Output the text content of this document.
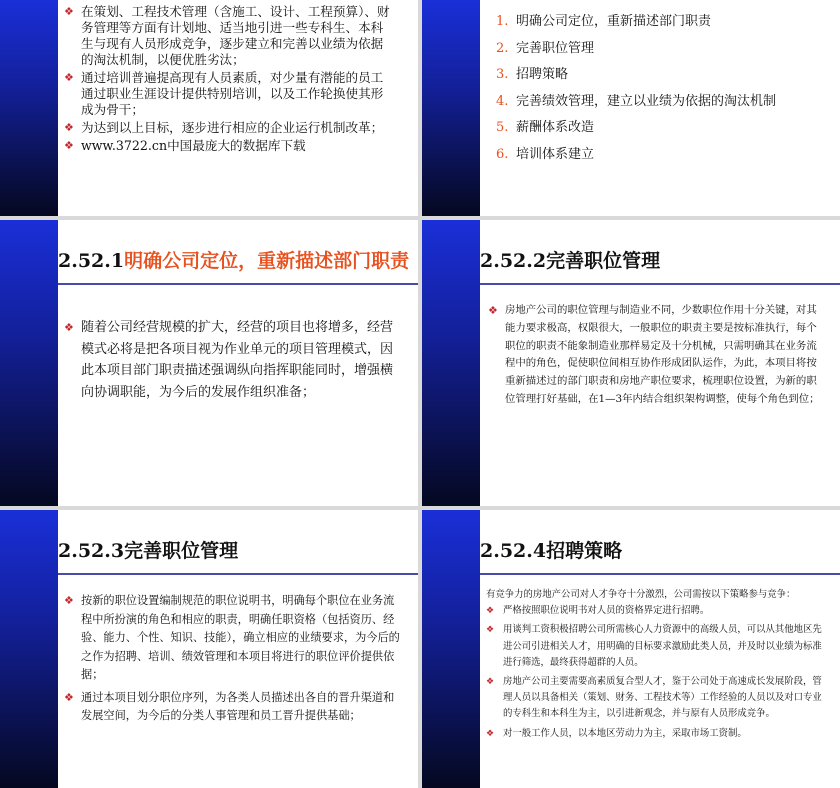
❖ 在策划、工程技术管理（含施工、设计、工程预算）、财务管理等方面有计划地、适当地引进一些专科生、本科生与现有人员形成竞争，逐步建立和完善以业绩为依据的淘汰机制，以便优胜劣汰；
❖ 通过培训普遍提高现有人员素质，对少量有潜能的员工通过职业生涯设计提供特别培训，以及工作轮换使其形成为骨干；
❖ 为达到以上目标，逐步进行相应的企业运行机制改革；
❖ www.3722.cn中国最庞大的数据库下载
1. 明确公司定位，重新描述部门职责
2. 完善职位管理
3. 招聘策略
4. 完善绩效管理，建立以业绩为依据的淘汰机制
5. 薪酬体系改造
6. 培训体系建立
2.52.1明确公司定位，重新描述部门职责
❖ 随着公司经营规模的扩大，经营的项目也将增多，经营模式必将是把各项目视为作业单元的项目管理模式，因此本项目部门职责描述强调纵向指挥职能同时，增强横向协调职能，为今后的发展作组织准备；
2.52.2完善职位管理
❖ 房地产公司的职位管理与制造业不同，少数职位作用十分关键，对其能力要求极高，权限很大，一般职位的职责主要是按标准执行，每个职位的职责不能象制造业那样易定及十分机械，只需明确其在业务流程中的角色，促使职位间相互协作形成团队运作，为此，本项目将按重新描述过的部门职责和房地产职位要求，梳理职位设置，为新的职位管理打好基础，在1—3年内结合组织架构调整，使每个角色到位；
2.52.3完善职位管理
❖ 按新的职位设置编制规范的职位说明书，明确每个职位在业务流程中所扮演的角色和相应的职责，明确任职资格（包括资历、经验、能力、个性、知识、技能），确立相应的业绩要求，为今后的之作为招聘、培训、绩效管理和本项目将进行的职位评价提供依据；
❖ 通过本项目划分职位序列，为各类人员描述出各自的晋升渠道和发展空间，为今后的分类人事管理和员工晋升提供基础；
2.52.4招聘策略
有竞争力的房地产公司对人才争夺十分激烈，公司需按以下策略参与竞争：
❖ 严格按照职位说明书对人员的资格界定进行招聘。
❖ 用谈判工资积极招聘公司所需核心人力资源中的高级人员，可以从其他地区先进公司引进相关人才，用明确的目标要求激励此类人员，并及时以业绩为标准进行筛选，最终获得超群的人员。
❖ 房地产公司主要需要高素质复合型人才，鉴于公司处于高速成长发展阶段，管理人员以具备相关（策划、财务、工程技术等）工作经验的人员以及对口专业的专科生和本科生为主，以引进新观念，并与原有人员形成竞争。
❖ 对一般工作人员，以本地区劳动力为主，采取市场工资制。
